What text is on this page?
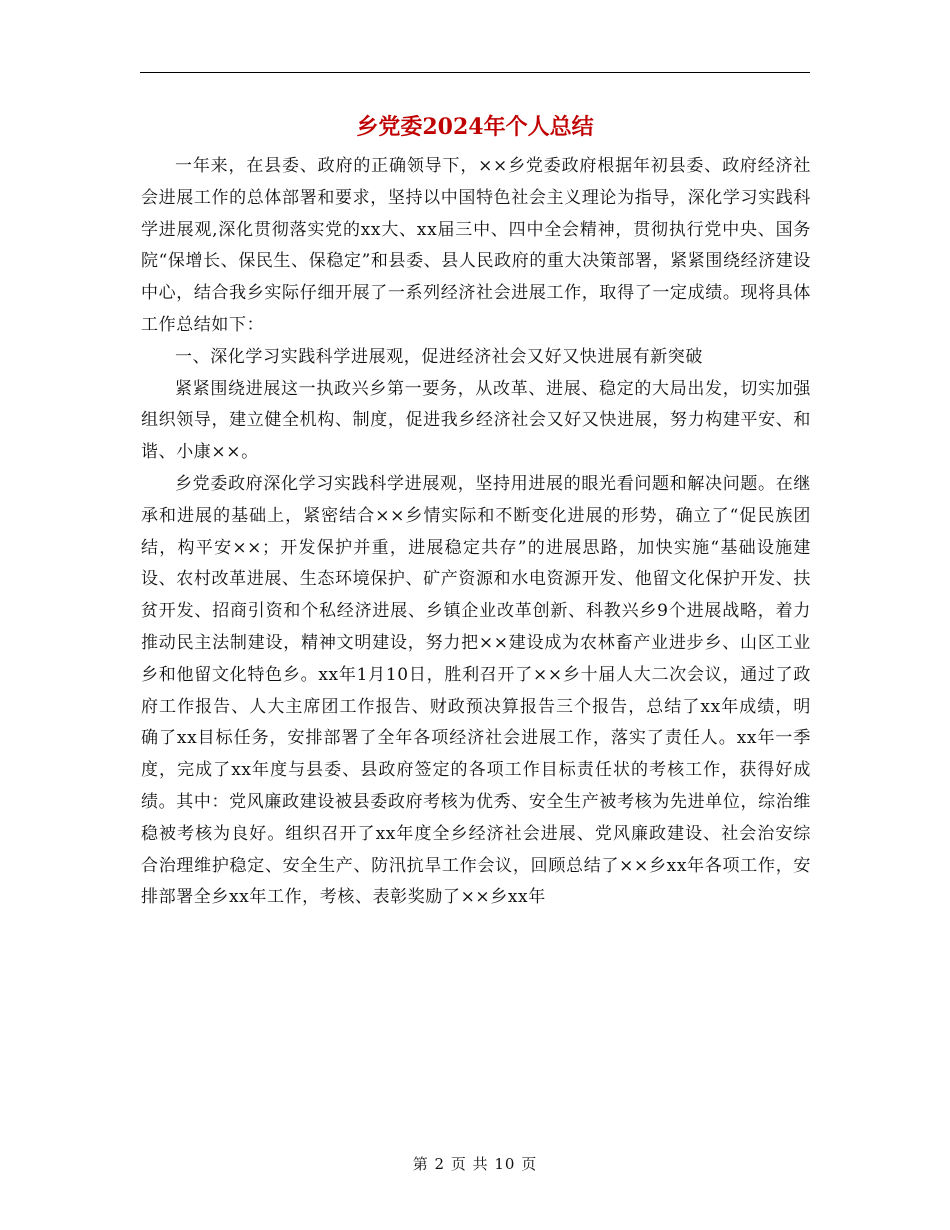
乡党委2024年个人总结

一年来，在县委、政府的正确领导下，××乡党委政府根据年初县委、政府经济社会进展工作的总体部署和要求，坚持以中国特色社会主义理论为指导，深化学习实践科学进展观,深化贯彻落实党的xx大、xx届三中、四中全会精神，贯彻执行党中央、国务院“保增长、保民生、保稳定”和县委、县人民政府的重大决策部署，紧紧围绕经济建设中心，结合我乡实际仔细开展了一系列经济社会进展工作，取得了一定成绩。现将具体工作总结如下：

一、深化学习实践科学进展观，促进经济社会又好又快进展有新突破

紧紧围绕进展这一执政兴乡第一要务，从改革、进展、稳定的大局出发，切实加强组织领导，建立健全机构、制度，促进我乡经济社会又好又快进展，努力构建平安、和谐、小康××。

乡党委政府深化学习实践科学进展观，坚持用进展的眼光看问题和解决问题。在继承和进展的基础上，紧密结合××乡情实际和不断变化进展的形势，确立了“促民族团结，构平安××；开发保护并重，进展稳定共存”的进展思路，加快实施“基础设施建设、农村改革进展、生态环境保护、矿产资源和水电资源开发、他留文化保护开发、扶贫开发、招商引资和个私经济进展、乡镇企业改革创新、科教兴乡9个进展战略，着力推动民主法制建设，精神文明建设，努力把××建设成为农林畜产业进步乡、山区工业乡和他留文化特色乡。xx年1月10日，胜利召开了××乡十届人大二次会议，通过了政府工作报告、人大主席团工作报告、财政预决算报告三个报告，总结了xx年成绩，明确了xx目标任务，安排部署了全年各项经济社会进展工作，落实了责任人。xx年一季度，完成了xx年度与县委、县政府签定的各项工作目标责任状的考核工作，获得好成绩。其中：党风廉政建设被县委政府考核为优秀、安全生产被考核为先进单位，综治维稳被考核为良好。组织召开了xx年度全乡经济社会进展、党风廉政建设、社会治安综合治理维护稳定、安全生产、防汛抗旱工作会议，回顾总结了××乡xx年各项工作，安排部署全乡xx年工作，考核、表彰奖励了××乡xx年

第 2 页 共 10 页
